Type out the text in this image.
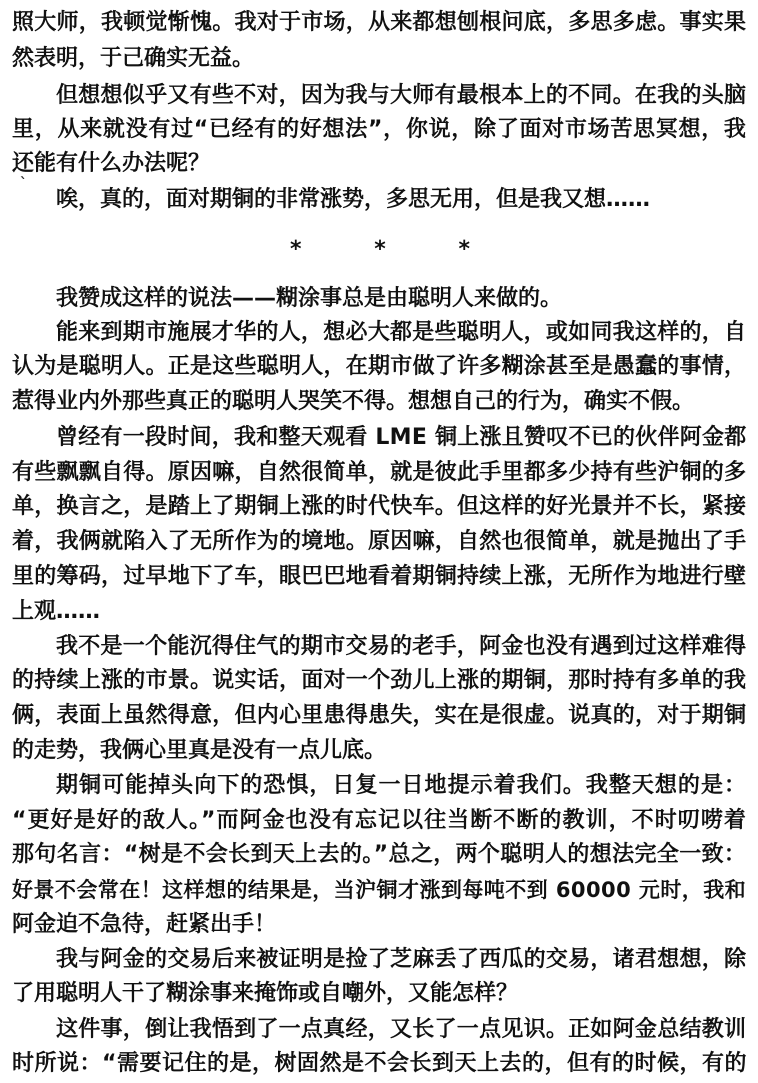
照大师，我顿觉惭愧。我对于市场，从来都想刨根问底，多思多虑。事实果
然表明，于己确实无益。
但想想似乎又有些不对，因为我与大师有最根本上的不同。在我的头脑
里，从来就没有过“已经有的好想法”，你说，除了面对市场苦思冥想，我
还能有什么办法呢？
`
唉，真的，面对期铜的非常涨势，多思无用，但是我又想……
*	*	*
我赞成这样的说法——糊涂事总是由聪明人来做的。
能来到期市施展才华的人，想必大都是些聪明人，或如同我这样的，自
认为是聪明人。正是这些聪明人，在期市做了许多糊涂甚至是愚蠢的事情，
惹得业内外那些真正的聪明人哭笑不得。想想自己的行为，确实不假。
曾经有一段时间，我和整天观看 LME 铜上涨且赞叹不已的伙伴阿金都
有些飘飘自得。原因嘛，自然很简单，就是彼此手里都多少持有些沪铜的多
单，换言之，是踏上了期铜上涨的时代快车。但这样的好光景并不长，紧接
着，我俩就陷入了无所作为的境地。原因嘛，自然也很简单，就是抛出了手
里的筹码，过早地下了车，眼巴巴地看着期铜持续上涨，无所作为地进行壁
上观……
我不是一个能沉得住气的期市交易的老手，阿金也没有遇到过这样难得
的持续上涨的市景。说实话，面对一个劲儿上涨的期铜，那时持有多单的我
俩，表面上虽然得意，但内心里患得患失，实在是很虚。说真的，对于期铜
的走势，我俩心里真是没有一点儿底。
期铜可能掉头向下的恐惧，日复一日地提示着我们。我整天想的是：
“更好是好的敌人。”而阿金也没有忘记以往当断不断的教训，不时叨唠着
那句名言：“树是不会长到天上去的。”总之，两个聪明人的想法完全一致：
好景不会常在！这样想的结果是，当沪铜才涨到每吨不到 60000 元时，我和
阿金迫不急待，赶紧出手！
我与阿金的交易后来被证明是捡了芝麻丢了西瓜的交易，诸君想想，除
了用聪明人干了糊涂事来掩饰或自嘲外，又能怎样？
这件事，倒让我悟到了一点真经，又长了一点见识。正如阿金总结教训
时所说：“需要记住的是，树固然是不会长到天上去的，但有的时候，有的
